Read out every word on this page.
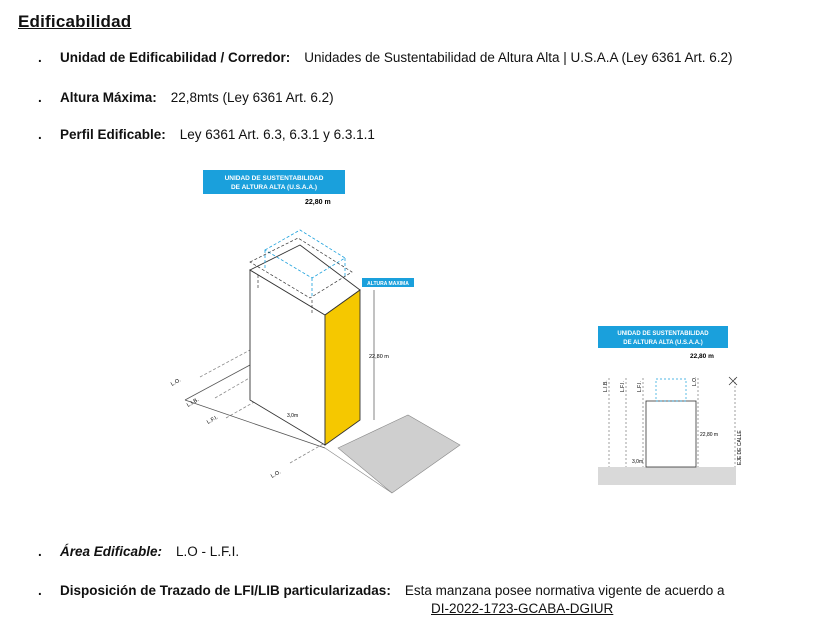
Edificabilidad
. Unidad de Edificabilidad / Corredor: Unidades de Sustentabilidad de Altura Alta | U.S.A.A (Ley 6361 Art. 6.2)
. Altura Máxima: 22,8mts (Ley 6361 Art. 6.2)
. Perfil Edificable: Ley 6361 Art. 6.3, 6.3.1 y 6.3.1.1
. Área Edificable: L.O - L.F.I.
. Disposición de Trazado de LFI/LIB particularizadas: Esta manzana posee normativa vigente de acuerdo a
DI-2022-1723-GCABA-DGIUR
UNIDAD DE SUSTENTABILIDAD
DE ALTURA ALTA (U.S.A.A.)
22,80 m
ALTURA MAXIMA
22,80 m
L.O.
L.I.B.
L.F.I.
L.O.
3,0m
UNIDAD DE SUSTENTABILIDAD
DE ALTURA ALTA (U.S.A.A.)
22,80 m
L.I.B. L.F.I. L.F.I.	L.O.
22,80 m	EJE DE CALLE
3,0m
